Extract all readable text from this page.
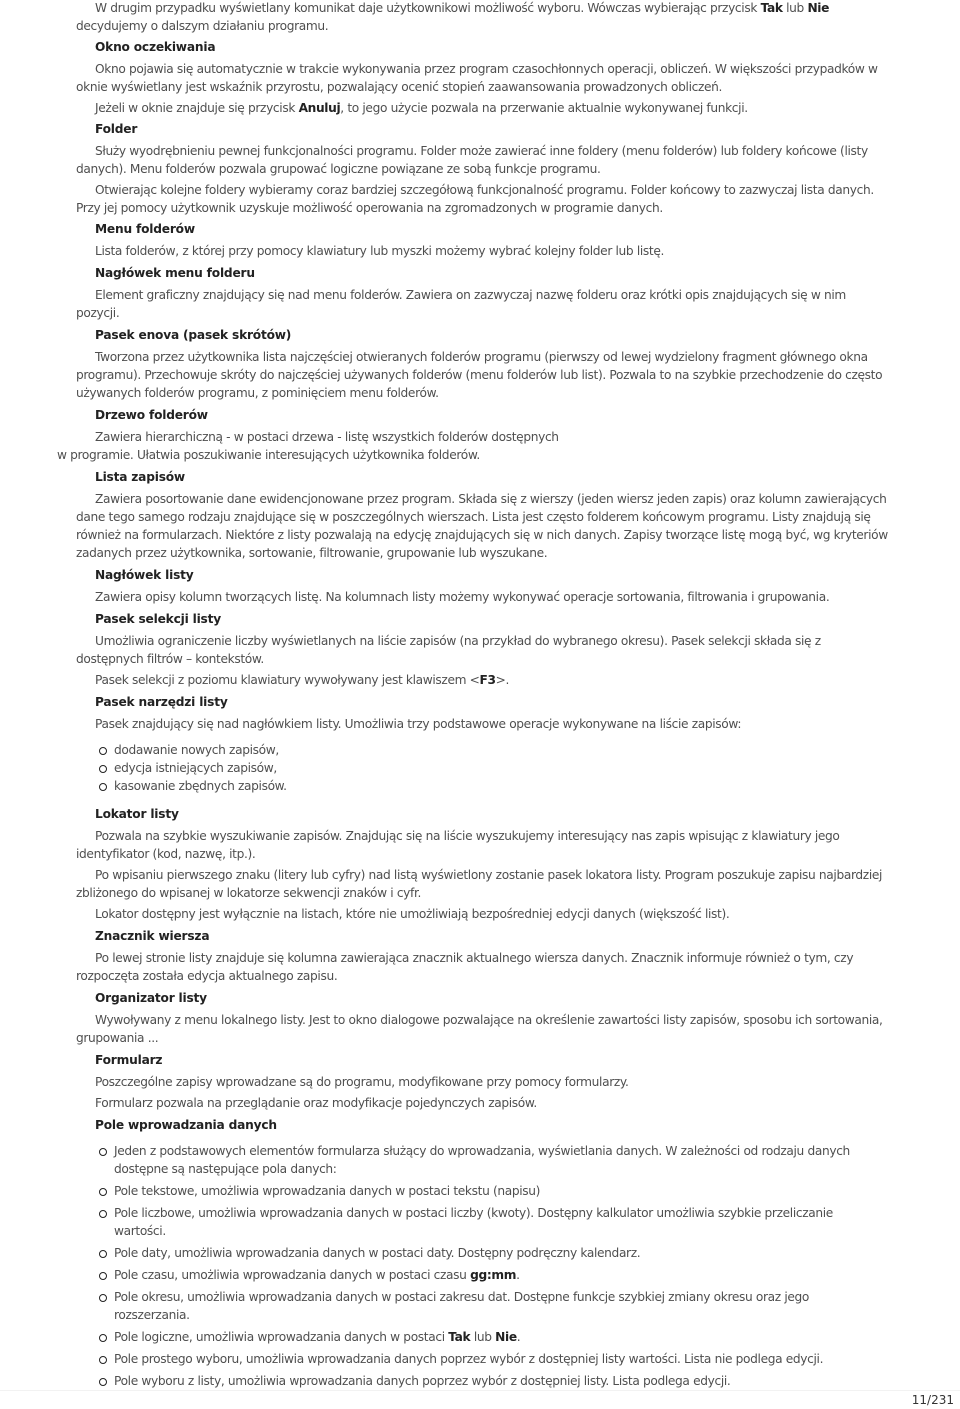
W drugim przypadku wyświetlany komunikat daje użytkownikowi możliwość wyboru. Wówczas wybierając przycisk Tak lub Nie decydujemy o dalszym działaniu programu.

Okno oczekiwania

Okno pojawia się automatycznie w trakcie wykonywania przez program czasochłonnych operacji, obliczeń. W większości przypadków w oknie wyświetlany jest wskaźnik przyrostu, pozwalający ocenić stopień zaawansowania prowadzonych obliczeń.

Jeżeli w oknie znajduje się przycisk Anuluj, to jego użycie pozwala na przerwanie aktualnie wykonywanej funkcji.

Folder

Służy wyodrębnieniu pewnej funkcjonalności programu. Folder może zawierać inne foldery (menu folderów) lub foldery końcowe (listy danych). Menu folderów pozwala grupować logiczne powiązane ze sobą funkcje programu.

Otwierając kolejne foldery wybieramy coraz bardziej szczegółową funkcjonalność programu. Folder końcowy to zazwyczaj lista danych. Przy jej pomocy użytkownik uzyskuje możliwość operowania na zgromadzonych w programie danych.

Menu folderów

Lista folderów, z której przy pomocy klawiatury lub myszki możemy wybrać kolejny folder lub listę.

Nagłówek menu folderu

Element graficzny znajdujący się nad menu folderów. Zawiera on zazwyczaj nazwę folderu oraz krótki opis znajdujących się w nim pozycji.

Pasek enova (pasek skrótów)

Tworzona przez użytkownika lista najczęściej otwieranych folderów programu (pierwszy od lewej wydzielony fragment głównego okna programu). Przechowuje skróty do najczęściej używanych folderów (menu folderów lub list). Pozwala to na szybkie przechodzenie do często używanych folderów programu, z pominięciem menu folderów.

Drzewo folderów

Zawiera hierarchiczną - w postaci drzewa - listę wszystkich folderów dostępnych
w programie. Ułatwia poszukiwanie interesujących użytkownika folderów.

Lista zapisów

Zawiera posortowanie dane ewidencjonowane przez program. Składa się z wierszy (jeden wiersz jeden zapis) oraz kolumn zawierających dane tego samego rodzaju znajdujące się w poszczególnych wierszach. Lista jest często folderem końcowym programu. Listy znajdują się również na formularzach. Niektóre z listy pozwalają na edycję znajdujących się w nich danych. Zapisy tworzące listę mogą być, wg kryteriów zadanych przez użytkownika, sortowanie, filtrowanie, grupowanie lub wyszukane.

Nagłówek listy

Zawiera opisy kolumn tworzących listę. Na kolumnach listy możemy wykonywać operacje sortowania, filtrowania i grupowania.

Pasek selekcji listy

Umożliwia ograniczenie liczby wyświetlanych na liście zapisów (na przykład do wybranego okresu). Pasek selekcji składa się z dostępnych filtrów – kontekstów.

Pasek selekcji z poziomu klawiatury wywoływany jest klawiszem <F3>.

Pasek narzędzi listy

Pasek znajdujący się nad nagłówkiem listy. Umożliwia trzy podstawowe operacje wykonywane na liście zapisów:

dodawanie nowych zapisów,
edycja istniejących zapisów,
kasowanie zbędnych zapisów.
Lokator listy

Pozwala na szybkie wyszukiwanie zapisów. Znajdując się na liście wyszukujemy interesujący nas zapis wpisując z klawiatury jego identyfikator (kod, nazwę, itp.).

Po wpisaniu pierwszego znaku (litery lub cyfry) nad listą wyświetlony zostanie pasek lokatora listy. Program poszukuje zapisu najbardziej zbliżonego do wpisanej w lokatorze sekwencji znaków i cyfr.

Lokator dostępny jest wyłącznie na listach, które nie umożliwiają bezpośredniej edycji danych (większość list).

Znacznik wiersza

Po lewej stronie listy znajduje się kolumna zawierająca znacznik aktualnego wiersza danych. Znacznik informuje również o tym, czy rozpoczęta została edycja aktualnego zapisu.

Organizator listy

Wywoływany z menu lokalnego listy. Jest to okno dialogowe pozwalające na określenie zawartości listy zapisów, sposobu ich sortowania, grupowania ...

Formularz

Poszczególne zapisy wprowadzane są do programu, modyfikowane przy pomocy formularzy.

Formularz pozwala na przeglądanie oraz modyfikacje pojedynczych zapisów.

Pole wprowadzania danych
Jeden z podstawowych elementów formularza służący do wprowadzania, wyświetlania danych. W zależności od rodzaju danych dostępne są następujące pola danych:
Pole tekstowe, umożliwia wprowadzania danych w postaci tekstu (napisu)
Pole liczbowe, umożliwia wprowadzania danych w postaci liczby (kwoty). Dostępny kalkulator umożliwia szybkie przeliczanie wartości.
Pole daty, umożliwia wprowadzania danych w postaci daty. Dostępny podręczny kalendarz.
Pole czasu, umożliwia wprowadzania danych w postaci czasu gg:mm.
Pole okresu, umożliwia wprowadzania danych w postaci zakresu dat. Dostępne funkcje szybkiej zmiany okresu oraz jego rozszerzania.
Pole logiczne, umożliwia wprowadzania danych w postaci Tak lub Nie.
Pole prostego wyboru, umożliwia wprowadzania danych poprzez wybór z dostępniej listy wartości. Lista nie podlega edycji.
Pole wyboru z listy, umożliwia wprowadzania danych poprzez wybór z dostępniej listy. Lista podlega edycji.
11/231
